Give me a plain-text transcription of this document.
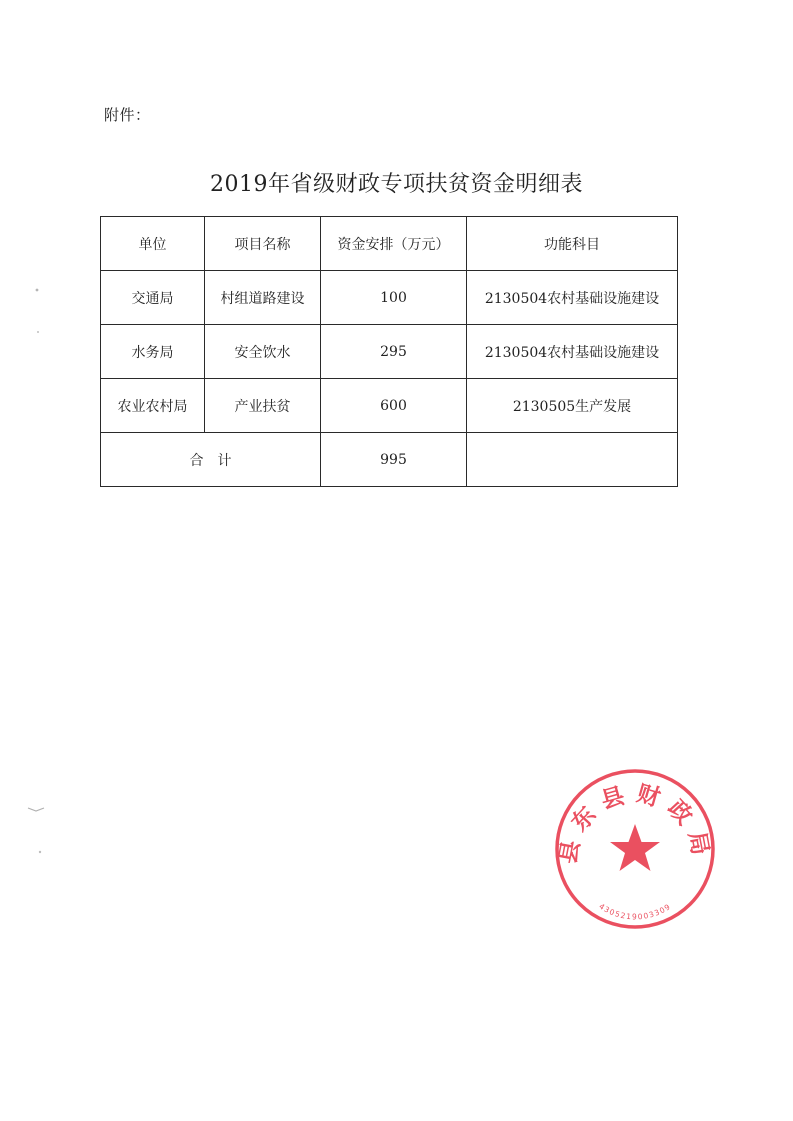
附件：
2019年省级财政专项扶贫资金明细表
单位	项目名称	资金安排（万元）	功能科目
交通局	村组道路建设	100	2130504农村基础设施建设
水务局	安全饮水	295	2130504农村基础设施建设
农业农村局	产业扶贫	600	2130505生产发展
合　计		995	
县东县财政局
4305219003309
